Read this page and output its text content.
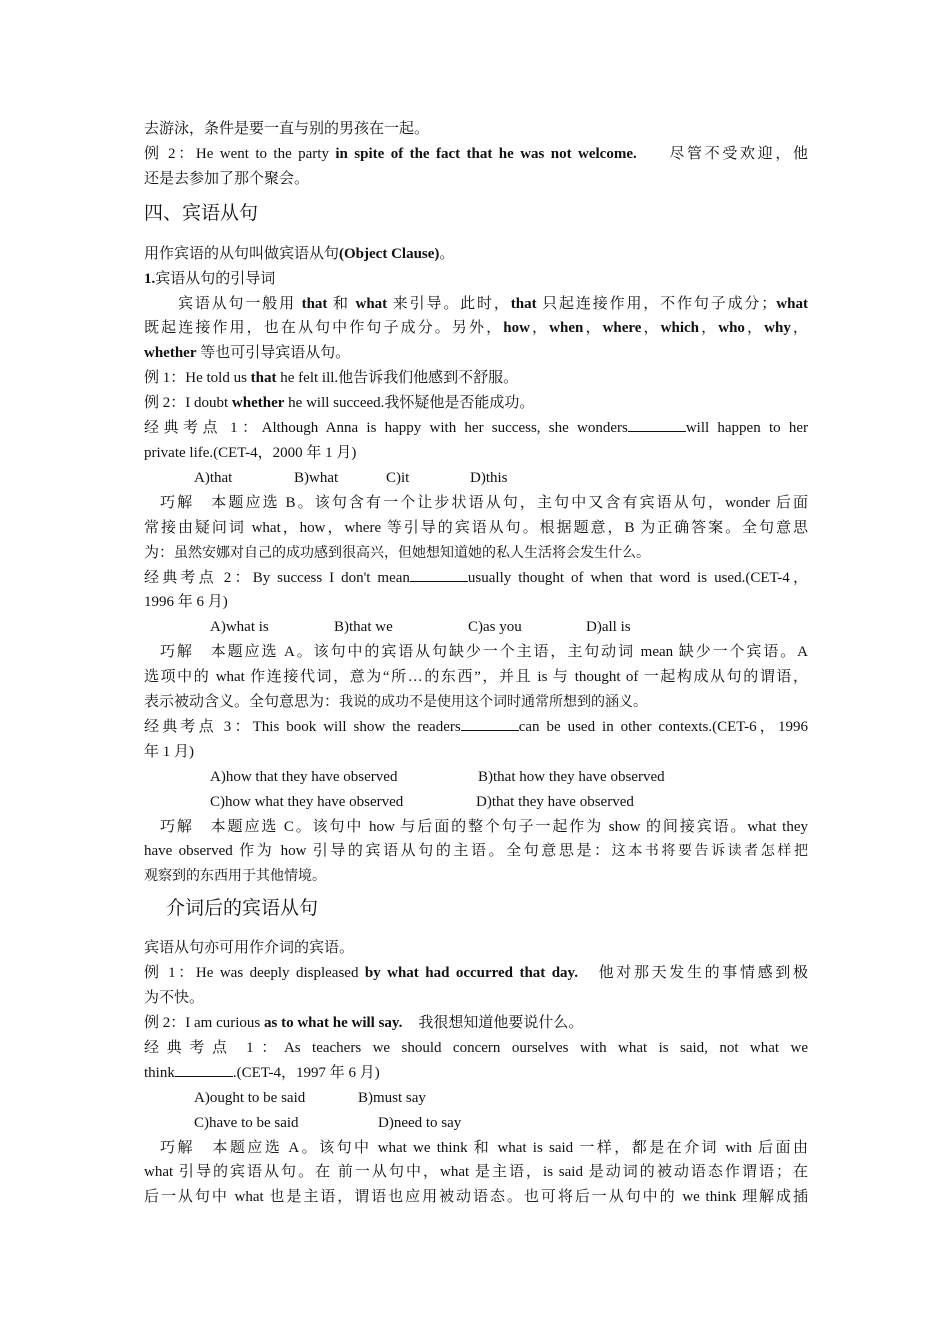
去游泳，条件是要一直与别的男孩在一起。
例 2：He went to the party in spite of the fact that he was not welcome. 尽管不受欢迎，他
还是去参加了那个聚会。
四、宾语从句
用作宾语的从句叫做宾语从句(Object Clause)。
1.宾语从句的引导词
宾语从句一般用 that 和 what 来引导。此时，that 只起连接作用，不作句子成分；what
既起连接作用，也在从句中作句子成分。另外，how，when，where，which，who，why，
whether 等也可引导宾语从句。
例 1：He told us that he felt ill.他告诉我们他感到不舒服。
例 2：I doubt whether he will succeed.我怀疑他是否能成功。
经典考点 1：Although Anna is happy with her success, she wonders	will happen to her
private life.(CET-4，2000 年 1 月)
A)that	B)what	C)it	D)this
巧解　本题应选 B。该句含有一个让步状语从句，主句中又含有宾语从句，wonder 后面
常接由疑问词 what，how，where 等引导的宾语从句。根据题意，B 为正确答案。全句意思
为：虽然安娜对自己的成功感到很高兴，但她想知道她的私人生活将会发生什么。
经典考点 2：By success I don't mean	usually thought of when that word is used.(CET-4，
1996 年 6 月)
A)what is	B)that we	C)as you	D)all is
巧解　本题应选 A。该句中的宾语从句缺少一个主语，主句动词 mean 缺少一个宾语。A
选项中的 what 作连接代词，意为“所…的东西”，并且 is 与 thought of 一起构成从句的谓语，
表示被动含义。全句意思为：我说的成功不是使用这个词时通常所想到的涵义。
经典考点 3：This book will show the readers	can be used in other contexts.(CET-6，1996
年 1 月)
A)how that they have observed	B)that how they have observed
C)how what they have observed	D)that they have observed
巧解　本题应选 C。该句中 how 与后面的整个句子一起作为 show 的间接宾语。what they
have observed 作为 how 引导的宾语从句的主语。全句意思是：这本书将要告诉读者怎样把
观察到的东西用于其他情境。
介词后的宾语从句
宾语从句亦可用作介词的宾语。
例 1：He was deeply displeased by what had occurred that day. 他对那天发生的事情感到极
为不快。
例 2：I am curious as to what he will say. 我很想知道他要说什么。
经典考点 1：As teachers we should concern ourselves with what is said, not what we
think	.(CET-4，1997 年 6 月)
A)ought to be said	B)must say
C)have to be said	D)need to say
巧解　本题应选 A。该句中 what we think 和 what is said 一样，都是在介词 with 后面由
what 引导的宾语从句。在 前一从句中，what 是主语，is said 是动词的被动语态作谓语；在
后一从句中 what 也是主语，谓语也应用被动语态。也可将后一从句中的 we think 理解成插
